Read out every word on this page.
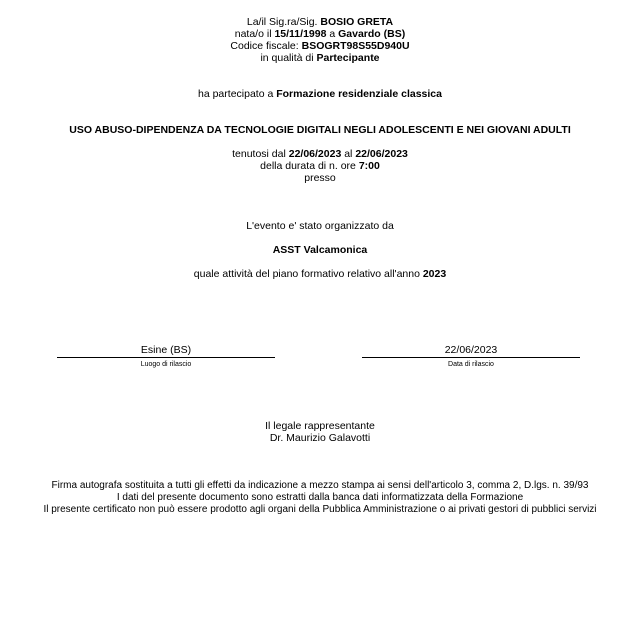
La/il Sig.ra/Sig. BOSIO GRETA
nata/o il 15/11/1998 a Gavardo (BS)
Codice fiscale: BSOGRT98S55D940U
in qualità di Partecipante
ha partecipato a Formazione residenziale classica
USO ABUSO-DIPENDENZA DA TECNOLOGIE DIGITALI NEGLI ADOLESCENTI E NEI GIOVANI ADULTI
tenutosi dal 22/06/2023 al 22/06/2023
della durata di n. ore 7:00
presso
L'evento e' stato organizzato da
ASST Valcamonica
quale attività del piano formativo relativo all'anno 2023
Esine (BS)
Luogo di rilascio
22/06/2023
Data di rilascio
Il legale rappresentante
Dr. Maurizio Galavotti
Firma autografa sostituita a tutti gli effetti da indicazione a mezzo stampa ai sensi dell'articolo 3, comma 2, D.lgs. n. 39/93
I dati del presente documento sono estratti dalla banca dati informatizzata della Formazione
Il presente certificato non può essere prodotto agli organi della Pubblica Amministrazione o ai privati gestori di pubblici servizi
